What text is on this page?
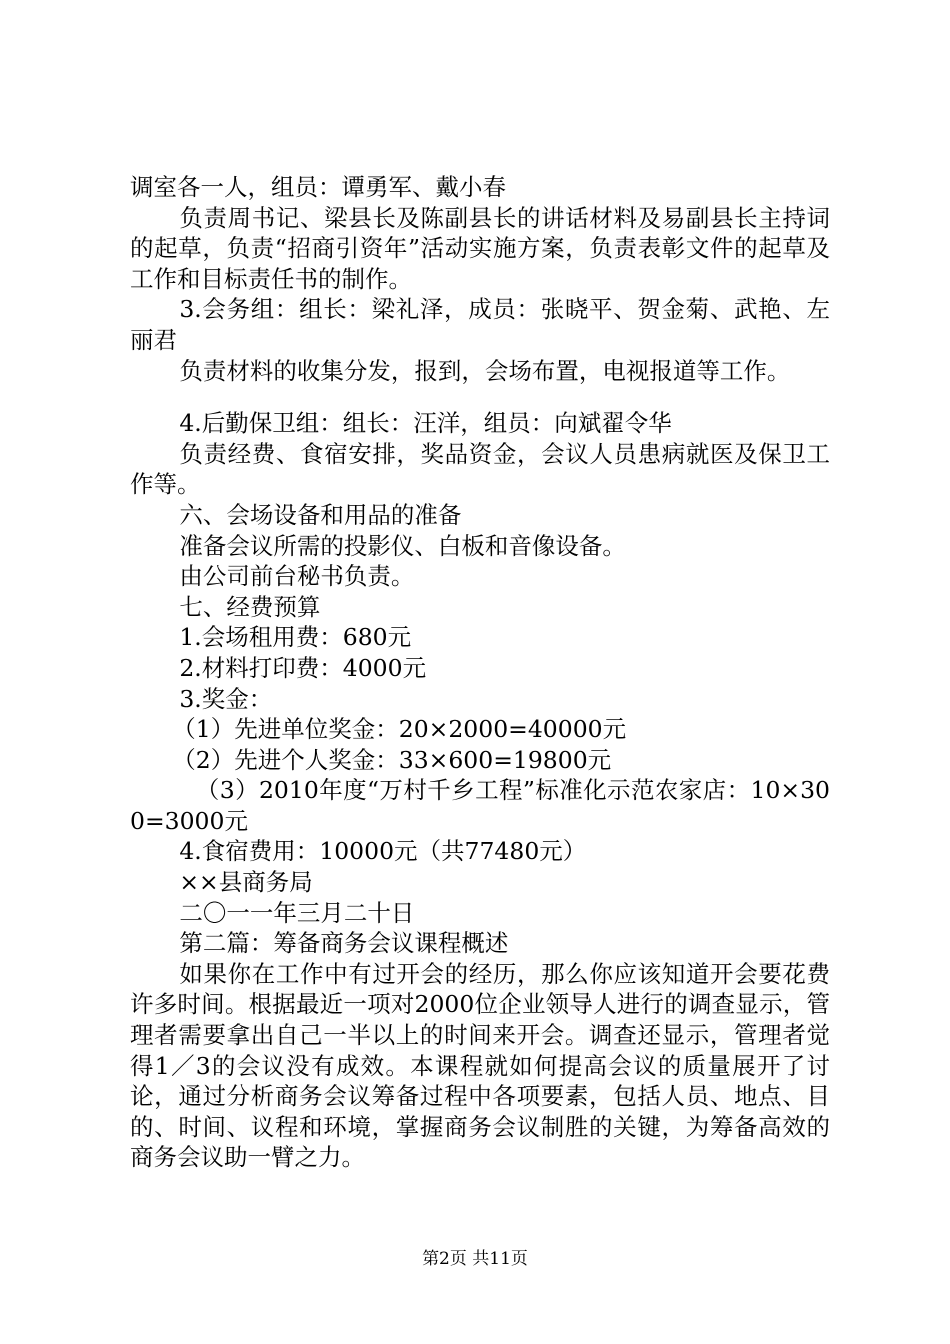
调室各一人，组员：谭勇军、戴小春

负责周书记、梁县长及陈副县长的讲话材料及易副县长主持词的起草，负责“招商引资年”活动实施方案，负责表彰文件的起草及工作和目标责任书的制作。

3.会务组：组长：梁礼泽，成员：张晓平、贺金菊、武艳、左丽君

负责材料的收集分发，报到，会场布置，电视报道等工作。

4.后勤保卫组：组长：汪洋，组员：向斌翟令华

负责经费、食宿安排，奖品资金，会议人员患病就医及保卫工作等。

六、会场设备和用品的准备

准备会议所需的投影仪、白板和音像设备。

由公司前台秘书负责。

七、经费预算

1.会场租用费：680元

2.材料打印费：4000元

3.奖金：

（1）先进单位奖金：20×2000=40000元

（2）先进个人奖金：33×600=19800元

（3）2010年度“万村千乡工程”标准化示范农家店：10×300=3000元

4.食宿费用：10000元（共77480元）

××县商务局

二〇一一年三月二十日

第二篇：筹备商务会议课程概述

如果你在工作中有过开会的经历，那么你应该知道开会要花费许多时间。根据最近一项对2000位企业领导人进行的调查显示，管理者需要拿出自己一半以上的时间来开会。调查还显示，管理者觉得1／3的会议没有成效。本课程就如何提高会议的质量展开了讨论，通过分析商务会议筹备过程中各项要素，包括人员、地点、目的、时间、议程和环境，掌握商务会议制胜的关键，为筹备高效的商务会议助一臂之力。

第2页 共11页
